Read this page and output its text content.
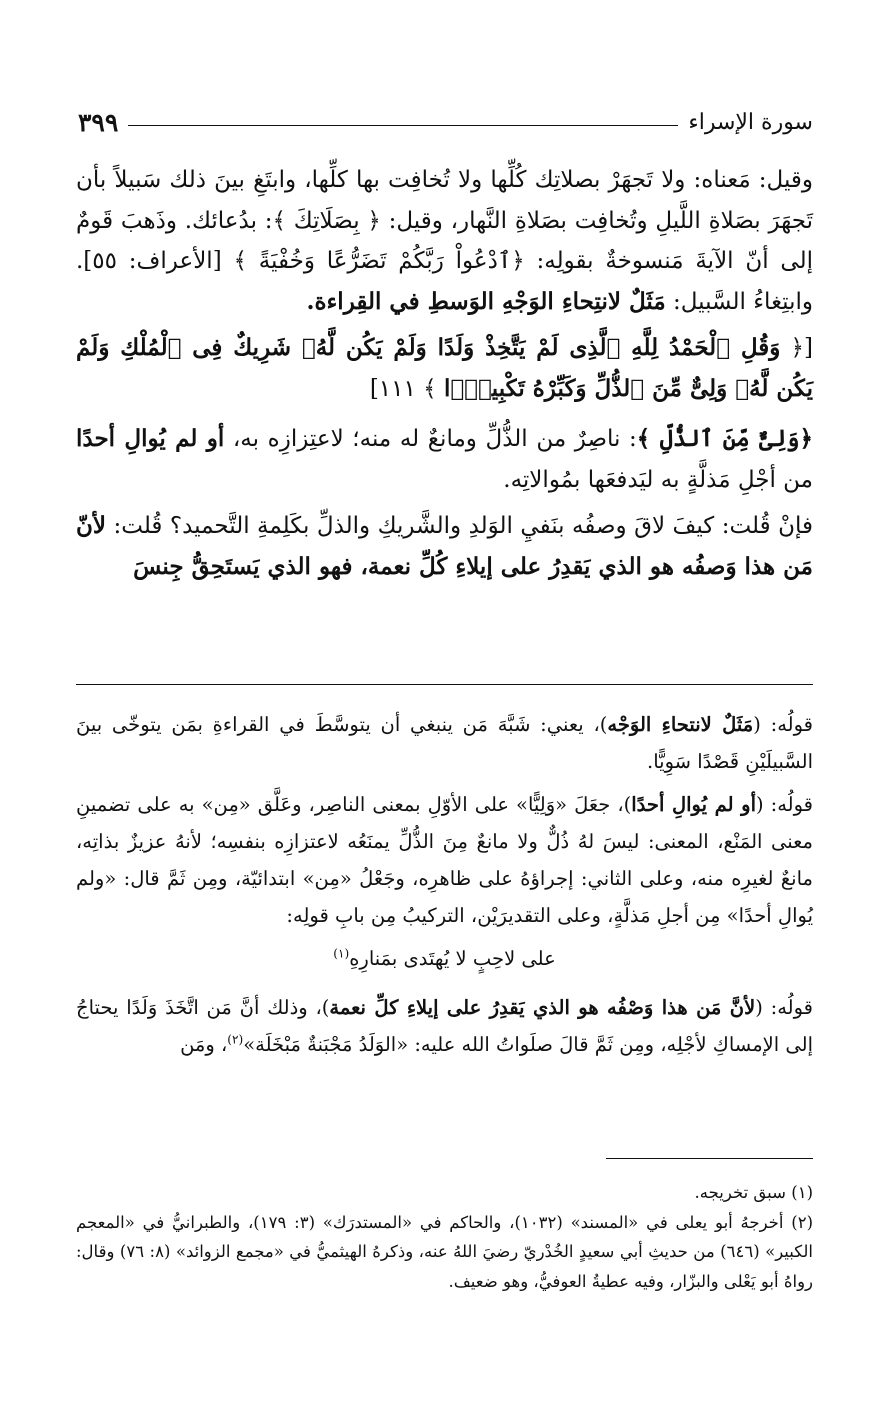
سورة الإسراء
٣٩٩

وقيل: مَعناه: ولا تَجهَرْ بصلاتِك كُلِّها ولا تُخافِت بها كلِّها، وابتَغِ بينَ ذلك سَبيلاً بأن تَجهَرَ بصَلاةِ اللَّيلِ وتُخافِت بصَلاةِ النَّهار، وقيل: ﴿ بِصَلَاتِكَ ﴾: بدُعائك. وذَهبَ قَومٌ إلى أنّ الآيةَ مَنسوخةٌ بقولِه: ﴿ٱدْعُواْ رَبَّكُمْ تَضَرُّعًا وَخُفْيَةً ﴾ [الأعراف: ٥٥]. وابتِغاءُ السَّبيل: مَثَلٌ لانتِحاءِ الوَجْهِ الوَسطِ في القِراءة.

[﴿ وَقُلِ ٱلْحَمْدُ لِلَّهِ ٱلَّذِى لَمْ يَتَّخِذْ وَلَدًا وَلَمْ يَكُن لَّهُۥ شَرِيكٌ فِى ٱلْمُلْكِ وَلَمْ يَكُن لَّهُۥ وَلِىٌّ مِّنَ ٱلذُّلِّ وَكَبِّرْهُ تَكْبِيرًۢا ﴾ ١١١]

﴿وَلِىٌّ مِّنَ ٱلذُّلِّ ﴾: ناصِرٌ من الذُّلِّ ومانعٌ له منه؛ لاعتِزازِه به، أو لم يُوالِ أحدًا من أجْلِ مَذلَّةٍ به ليَدفعَها بمُوالاتِه.

فإنْ قُلت: كيفَ لاقَ وصفُه بنَفيِ الوَلدِ والشَّريكِ والذلِّ بكَلِمةِ التَّحميد؟ قُلت: لأنّ مَن هذا وَصفُه هو الذي يَقدِرُ على إيلاءِ كُلِّ نعمة، فهو الذي يَستَحِقُّ جِنسَ

قولُه: (مَثَلٌ لانتحاءِ الوَجْه)، يعني: شَبَّهَ مَن ينبغي أن يتوسَّطَ في القراءةِ بمَن يتوخّى بينَ السَّبيلَيْنِ قَصْدًا سَوِيًّا.

قولُه: (أو لم يُوالِ أحدًا)، جعَلَ «وَلِيًّا» على الأوّلِ بمعنى الناصِر، وعَلَّق «مِن» به على تضمينِ معنى المَنْع، المعنى: ليسَ لهُ ذُلٌّ ولا مانعٌ مِنَ الذُّلِّ يمنَعُه لاعتزازِه بنفسِه؛ لأنهُ عزيزٌ بذاتِه، مانعٌ لغيرِه منه، وعلى الثاني: إجراؤهُ على ظاهرِه، وجَعْلُ «مِن» ابتدائيّة، ومِن ثَمَّ قال: «ولم يُوالِ أحدًا» مِن أجلِ مَذلَّةٍ، وعلى التقديرَيْن، التركيبُ مِن بابِ قولِه:

على لاحِبٍ لا يُهتَدى بمَنارِهِ$^{(١)}$

قولُه: (لأنَّ مَن هذا وَصْفُه هو الذي يَقدِرُ على إيلاءِ كلِّ نعمة)، وذلك أنَّ مَن اتَّخَذَ وَلَدًا يحتاجُ إلى الإمساكِ لأجْلِه، ومِن ثَمَّ قالَ صلَواتُ الله عليه: «الوَلَدُ مَجْبَنةٌ مَبْخَلَة»$^{(٢)}$، ومَن

(١) سبق تخريجه.

(٢) أخرجهُ أبو يعلى في «المسند» (١٠٣٢)، والحاكم في «المستدرَك» (٣: ١٧٩)، والطبرانيُّ في «المعجم الكبير» (٦٤٦) من حديثِ أبي سعيدٍ الخُدْريّ رضيَ اللهُ عنه، وذكرهُ الهيثميُّ في «مجمع الزوائد» (٨: ٧٦) وقال: رواهُ أبو يَعْلى والبزّار، وفيه عطيةُ العوفيُّ، وهو ضعيف.
